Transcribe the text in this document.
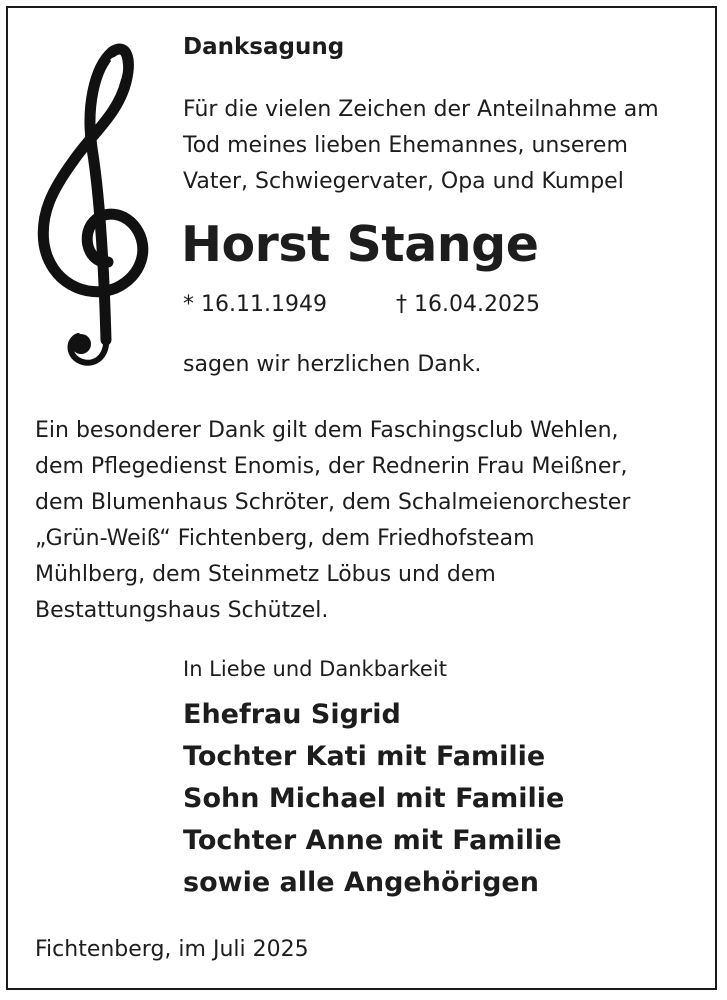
Danksagung
Für die vielen Zeichen der Anteilnahme am
Tod meines lieben Ehemannes, unserem
Vater, Schwiegervater, Opa und Kumpel
Horst Stange
* 16.11.1949	† 16.04.2025
sagen wir herzlichen Dank.
Ein besonderer Dank gilt dem Faschingsclub Wehlen,
dem Pflegedienst Enomis, der Rednerin Frau Meißner,
dem Blumenhaus Schröter, dem Schalmeienorchester
„Grün-Weiß“ Fichtenberg, dem Friedhofsteam
Mühlberg, dem Steinmetz Löbus und dem
Bestattungshaus Schützel.
In Liebe und Dankbarkeit
Ehefrau Sigrid
Tochter Kati mit Familie
Sohn Michael mit Familie
Tochter Anne mit Familie
sowie alle Angehörigen
Fichtenberg, im Juli 2025
